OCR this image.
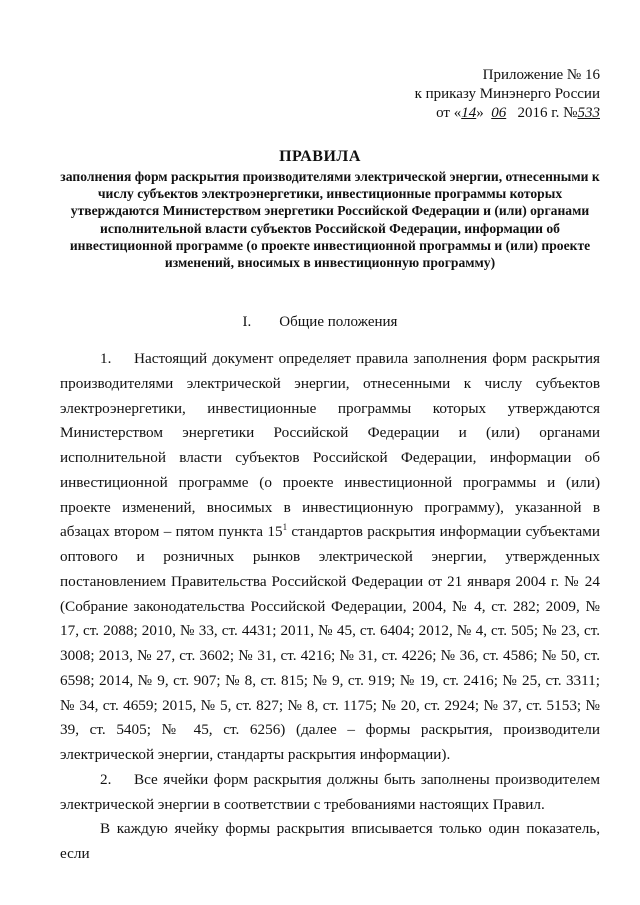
Приложение № 16
к приказу Минэнерго России
от «14» 06 2016 г. №533
ПРАВИЛА
заполнения форм раскрытия производителями электрической энергии, отнесенными к числу субъектов электроэнергетики, инвестиционные программы которых утверждаются Министерством энергетики Российской Федерации и (или) органами исполнительной власти субъектов Российской Федерации, информации об инвестиционной программе (о проекте инвестиционной программы и (или) проекте изменений, вносимых в инвестиционную программу)
I. Общие положения

1. Настоящий документ определяет правила заполнения форм раскрытия производителями электрической энергии, отнесенными к числу субъектов электроэнергетики, инвестиционные программы которых утверждаются Министерством энергетики Российской Федерации и (или) органами исполнительной власти субъектов Российской Федерации, информации об инвестиционной программе (о проекте инвестиционной программы и (или) проекте изменений, вносимых в инвестиционную программу), указанной в абзацах втором – пятом пункта $15^1$ стандартов раскрытия информации субъектами оптового и розничных рынков электрической энергии, утвержденных постановлением Правительства Российской Федерации от 21 января 2004 г. № 24 (Собрание законодательства Российской Федерации, 2004, № 4, ст. 282; 2009, № 17, ст. 2088; 2010, № 33, ст. 4431; 2011, № 45, ст. 6404; 2012, № 4, ст. 505; № 23, ст. 3008; 2013, № 27, ст. 3602; № 31, ст. 4216; № 31, ст. 4226; № 36, ст. 4586; № 50, ст. 6598; 2014, № 9, ст. 907; № 8, ст. 815; № 9, ст. 919; № 19, ст. 2416; № 25, ст. 3311; № 34, ст. 4659; 2015, № 5, ст. 827; № 8, ст. 1175; № 20, ст. 2924; № 37, ст. 5153; № 39, ст. 5405; № 45, ст. 6256) (далее – формы раскрытия, производители электрической энергии, стандарты раскрытия информации).

2. Все ячейки форм раскрытия должны быть заполнены производителем электрической энергии в соответствии с требованиями настоящих Правил.

В каждую ячейку формы раскрытия вписывается только один показатель, если
